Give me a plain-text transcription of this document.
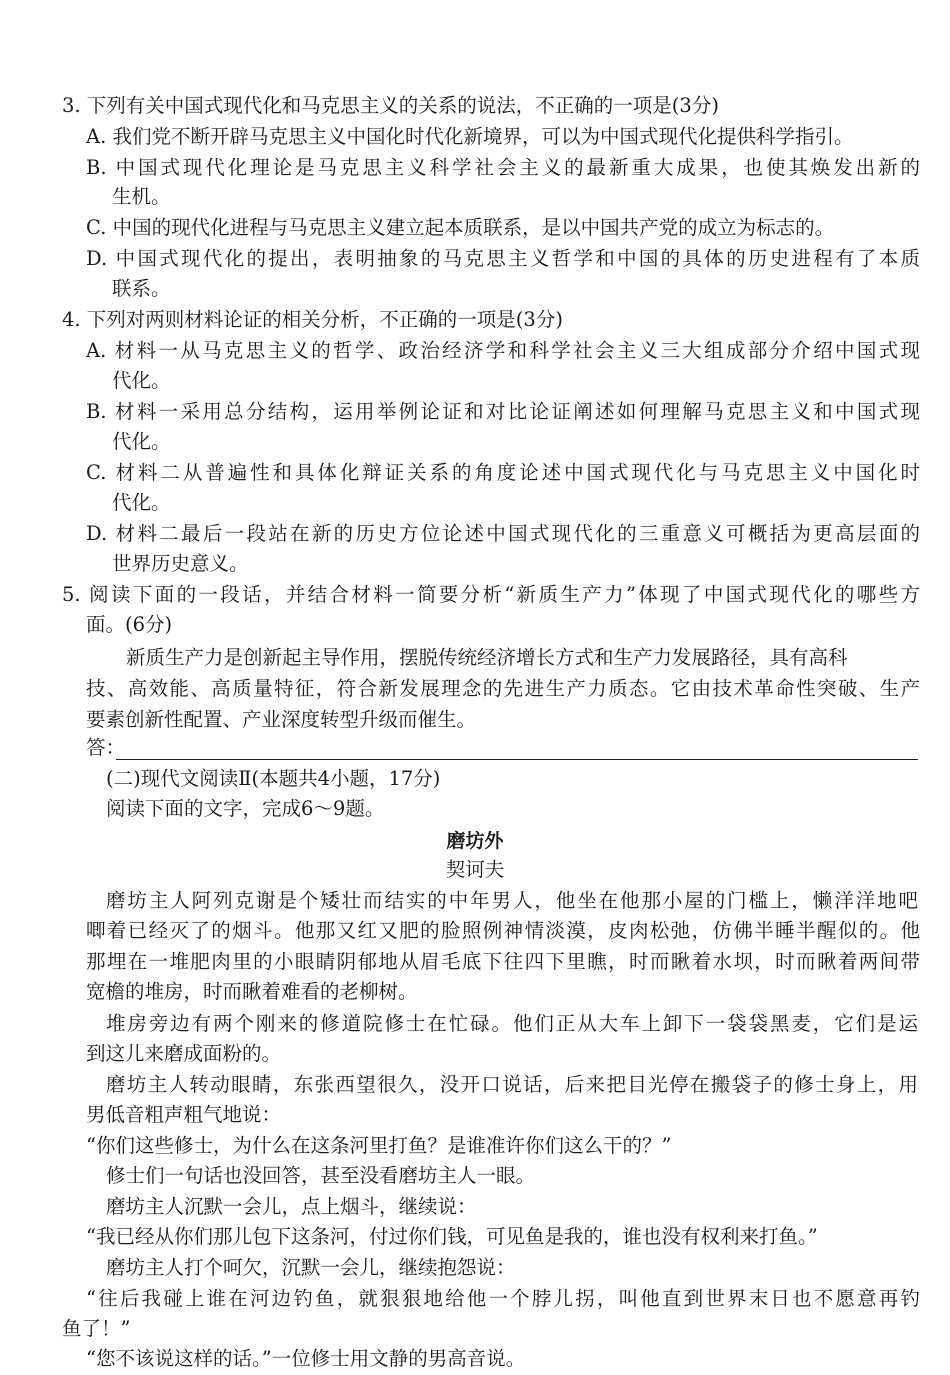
3. 下列有关中国式现代化和马克思主义的关系的说法，不正确的一项是(3分)
A. 我们党不断开辟马克思主义中国化时代化新境界，可以为中国式现代化提供科学指引。
B. 中国式现代化理论是马克思主义科学社会主义的最新重大成果，也使其焕发出新的
生机。
C. 中国的现代化进程与马克思主义建立起本质联系，是以中国共产党的成立为标志的。
D. 中国式现代化的提出，表明抽象的马克思主义哲学和中国的具体的历史进程有了本质
联系。
4. 下列对两则材料论证的相关分析，不正确的一项是(3分)
A. 材料一从马克思主义的哲学、政治经济学和科学社会主义三大组成部分介绍中国式现
代化。
B. 材料一采用总分结构，运用举例论证和对比论证阐述如何理解马克思主义和中国式现
代化。
C. 材料二从普遍性和具体化辩证关系的角度论述中国式现代化与马克思主义中国化时
代化。
D. 材料二最后一段站在新的历史方位论述中国式现代化的三重意义可概括为更高层面的
世界历史意义。
5. 阅读下面的一段话，并结合材料一简要分析“新质生产力”体现了中国式现代化的哪些方
面。(6分)
新质生产力是创新起主导作用，摆脱传统经济增长方式和生产力发展路径，具有高科
技、高效能、高质量特征，符合新发展理念的先进生产力质态。它由技术革命性突破、生产
要素创新性配置、产业深度转型升级而催生。
答：
(二)现代文阅读Ⅱ(本题共4小题，17分)
阅读下面的文字，完成6～9题。
磨坊外
契诃夫
磨坊主人阿列克谢是个矮壮而结实的中年男人，他坐在他那小屋的门槛上，懒洋洋地吧
唧着已经灭了的烟斗。他那又红又肥的脸照例神情淡漠，皮肉松弛，仿佛半睡半醒似的。他
那埋在一堆肥肉里的小眼睛阴郁地从眉毛底下往四下里瞧，时而瞅着水坝，时而瞅着两间带
宽檐的堆房，时而瞅着难看的老柳树。
堆房旁边有两个刚来的修道院修士在忙碌。他们正从大车上卸下一袋袋黑麦，它们是运
到这儿来磨成面粉的。
磨坊主人转动眼睛，东张西望很久，没开口说话，后来把目光停在搬袋子的修士身上，用
男低音粗声粗气地说：
“你们这些修士，为什么在这条河里打鱼？是谁准许你们这么干的？”
修士们一句话也没回答，甚至没看磨坊主人一眼。
磨坊主人沉默一会儿，点上烟斗，继续说：
“我已经从你们那儿包下这条河，付过你们钱，可见鱼是我的，谁也没有权利来打鱼。”
磨坊主人打个呵欠，沉默一会儿，继续抱怨说：
“往后我碰上谁在河边钓鱼，就狠狠地给他一个脖儿拐，叫他直到世界末日也不愿意再钓
鱼了！”
“您不该说这样的话。”一位修士用文静的男高音说。
